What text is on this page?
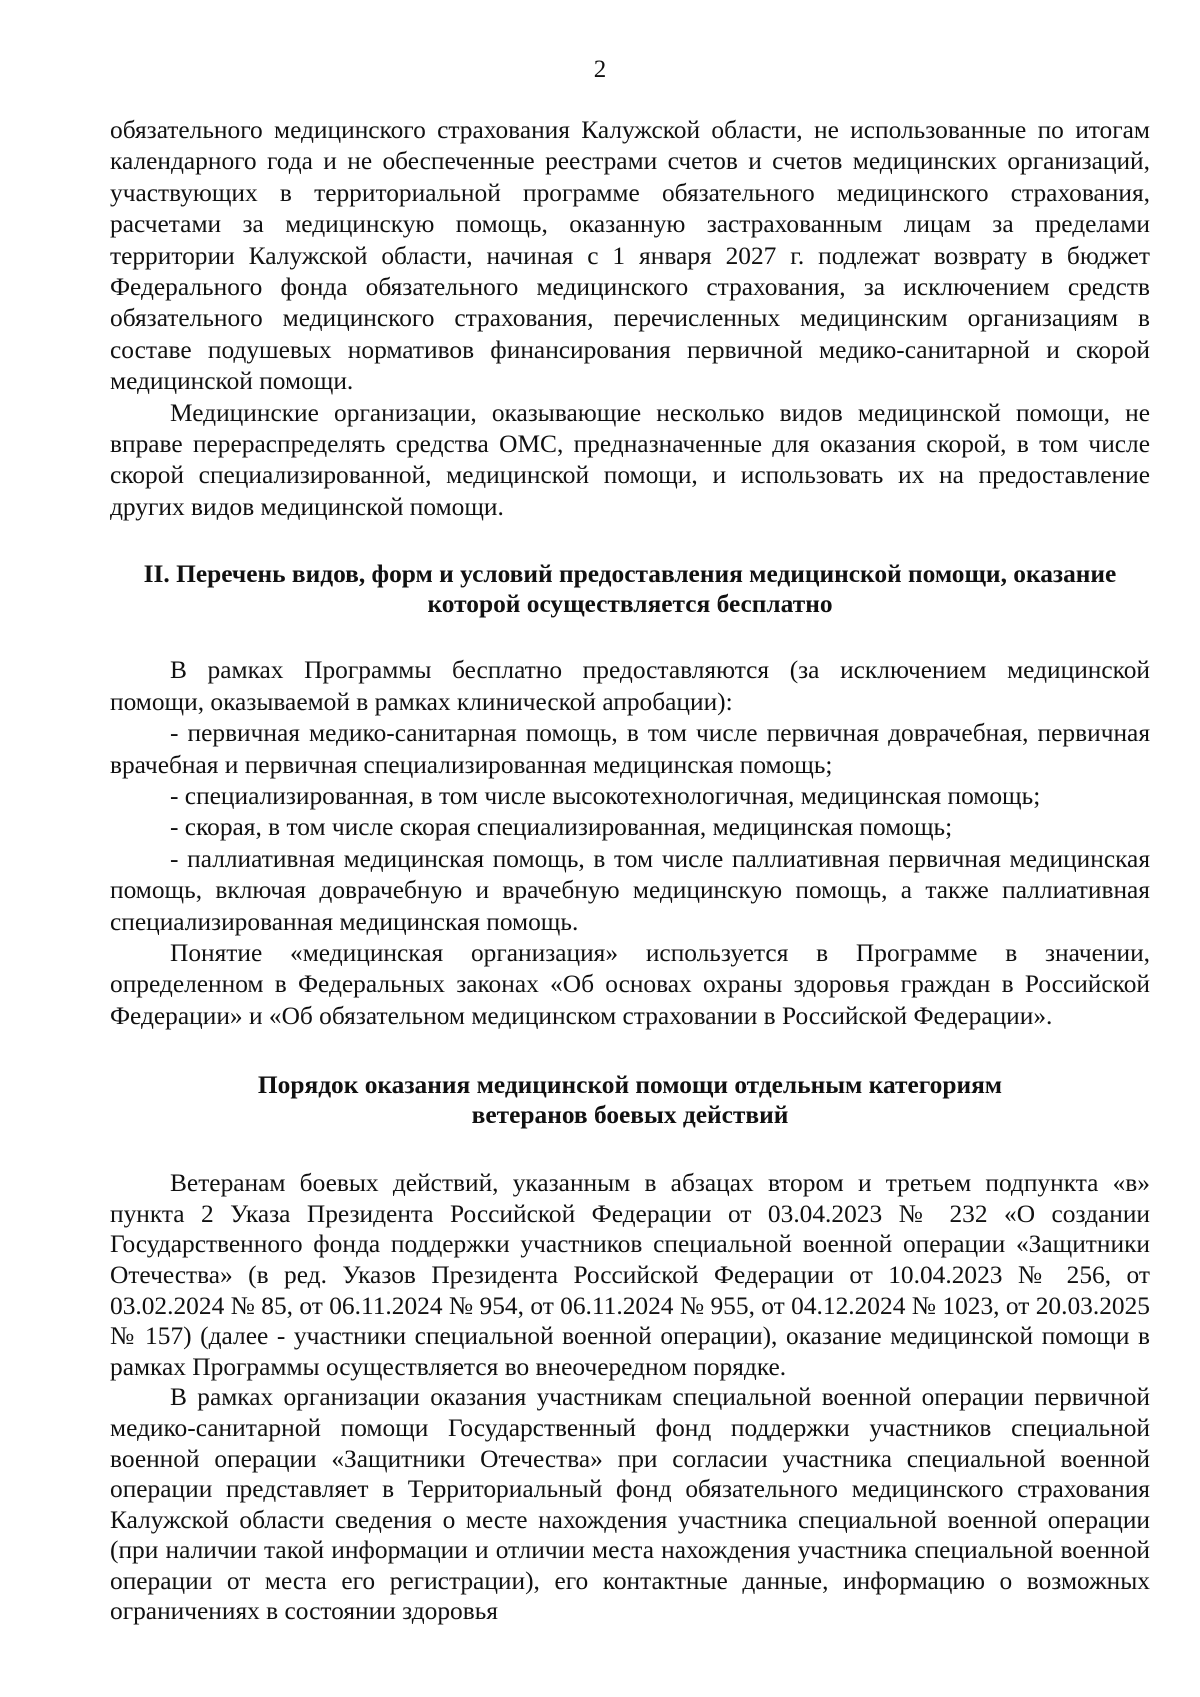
2

обязательного медицинского страхования Калужской области, не использованные по итогам календарного года и не обеспеченные реестрами счетов и счетов медицинских организаций, участвующих в территориальной программе обязательного медицинского страхования, расчетами за медицинскую помощь, оказанную застрахованным лицам за пределами территории Калужской области, начиная с 1 января 2027 г. подлежат возврату в бюджет Федерального фонда обязательного медицинского страхования, за исключением средств обязательного медицинского страхования, перечисленных медицинским организациям в составе подушевых нормативов финансирования первичной медико-санитарной и скорой медицинской помощи.

Медицинские организации, оказывающие несколько видов медицинской помощи, не вправе перераспределять средства ОМС, предназначенные для оказания скорой, в том числе скорой специализированной, медицинской помощи, и использовать их на предоставление других видов медицинской помощи.

II. Перечень видов, форм и условий предоставления медицинской помощи, оказание
которой осуществляется бесплатно

В рамках Программы бесплатно предоставляются (за исключением медицинской помощи, оказываемой в рамках клинической апробации):

- первичная медико-санитарная помощь, в том числе первичная доврачебная, первичная врачебная и первичная специализированная медицинская помощь;

- специализированная, в том числе высокотехнологичная, медицинская помощь;

- скорая, в том числе скорая специализированная, медицинская помощь;

- паллиативная медицинская помощь, в том числе паллиативная первичная медицинская помощь, включая доврачебную и врачебную медицинскую помощь, а также паллиативная специализированная медицинская помощь.

Понятие «медицинская организация» используется в Программе в значении, определенном в Федеральных законах «Об основах охраны здоровья граждан в Российской Федерации» и «Об обязательном медицинском страховании в Российской Федерации».

Порядок оказания медицинской помощи отдельным категориям
ветеранов боевых действий

Ветеранам боевых действий, указанным в абзацах втором и третьем подпункта «в» пункта 2 Указа Президента Российской Федерации от 03.04.2023 № 232 «О создании Государственного фонда поддержки участников специальной военной операции «Защитники Отечества» (в ред. Указов Президента Российской Федерации от 10.04.2023 № 256, от 03.02.2024 № 85, от 06.11.2024 № 954, от 06.11.2024 № 955, от 04.12.2024 № 1023, от 20.03.2025 № 157) (далее - участники специальной военной операции), оказание медицинской помощи в рамках Программы осуществляется во внеочередном порядке.

В рамках организации оказания участникам специальной военной операции первичной медико-санитарной помощи Государственный фонд поддержки участников специальной военной операции «Защитники Отечества» при согласии участника специальной военной операции представляет в Территориальный фонд обязательного медицинского страхования Калужской области сведения о месте нахождения участника специальной военной операции (при наличии такой информации и отличии места нахождения участника специальной военной операции от места его регистрации), его контактные данные, информацию о возможных ограничениях в состоянии здоровья
